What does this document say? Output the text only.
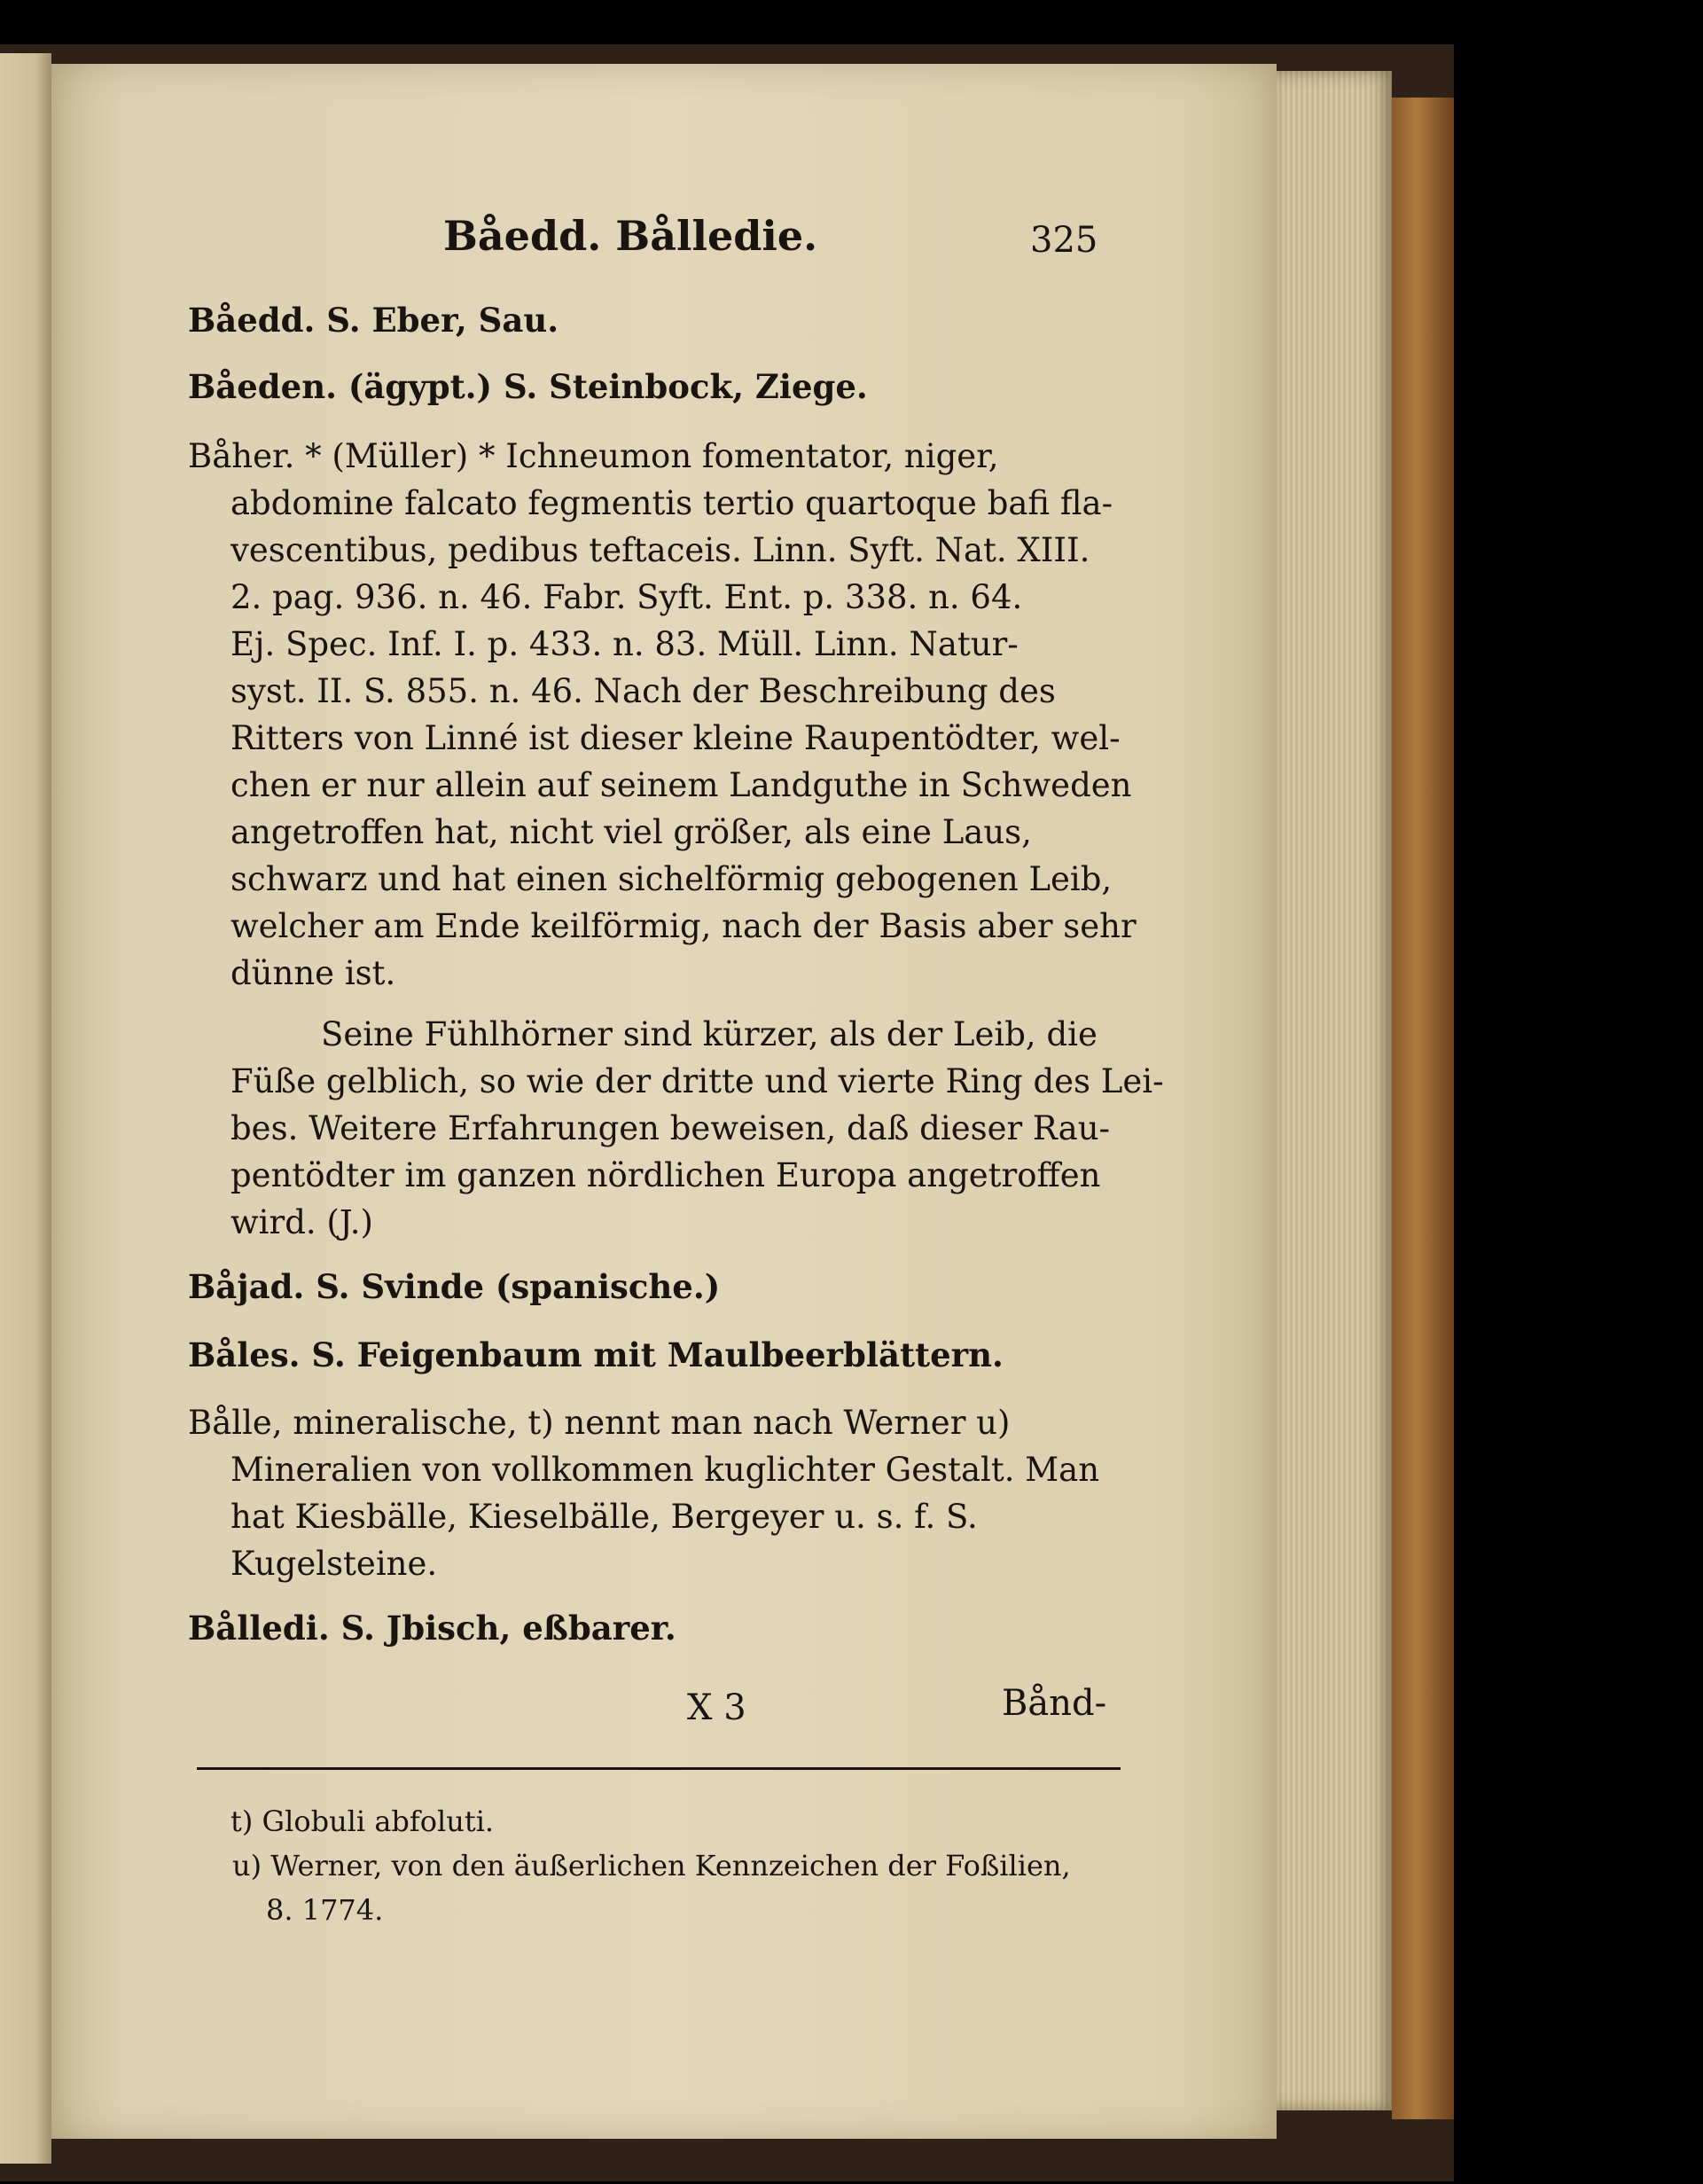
Båedd. Bålledie.	325
Båedd. S. Eber, Sau.
Båeden. (ägypt.) S. Steinbock, Ziege.
Båher. * (Müller) * Ichneumon fomentator, niger,
abdomine falcato fegmentis tertio quartoque bafi fla-
vescentibus, pedibus teftaceis. Linn. Syft. Nat. XIII.
2. pag. 936. n. 46. Fabr. Syft. Ent. p. 338. n. 64.
Ej. Spec. Inf. I. p. 433. n. 83. Müll. Linn. Natur-
syst. II. S. 855. n. 46. Nach der Beschreibung des
Ritters von Linné ist dieser kleine Raupentödter, wel-
chen er nur allein auf seinem Landguthe in Schweden
angetroffen hat, nicht viel größer, als eine Laus,
schwarz und hat einen sichelförmig gebogenen Leib,
welcher am Ende keilförmig, nach der Basis aber sehr
dünne ist.
Seine Fühlhörner sind kürzer, als der Leib, die
Füße gelblich, so wie der dritte und vierte Ring des Lei-
bes. Weitere Erfahrungen beweisen, daß dieser Rau-
pentödter im ganzen nördlichen Europa angetroffen
wird. (J.)
Båjad. S. Svinde (spanische.)
Båles. S. Feigenbaum mit Maulbeerblättern.
Bålle, mineralische, t) nennt man nach Werner u)
Mineralien von vollkommen kuglichter Gestalt. Man
hat Kiesbälle, Kieselbälle, Bergeyer u. s. f. S.
Kugelsteine.
Bålledi. S. Jbisch, eßbarer.
X 3	Bånd-
t) Globuli abfoluti.
u) Werner, von den äußerlichen Kennzeichen der Foßilien,
8. 1774.
